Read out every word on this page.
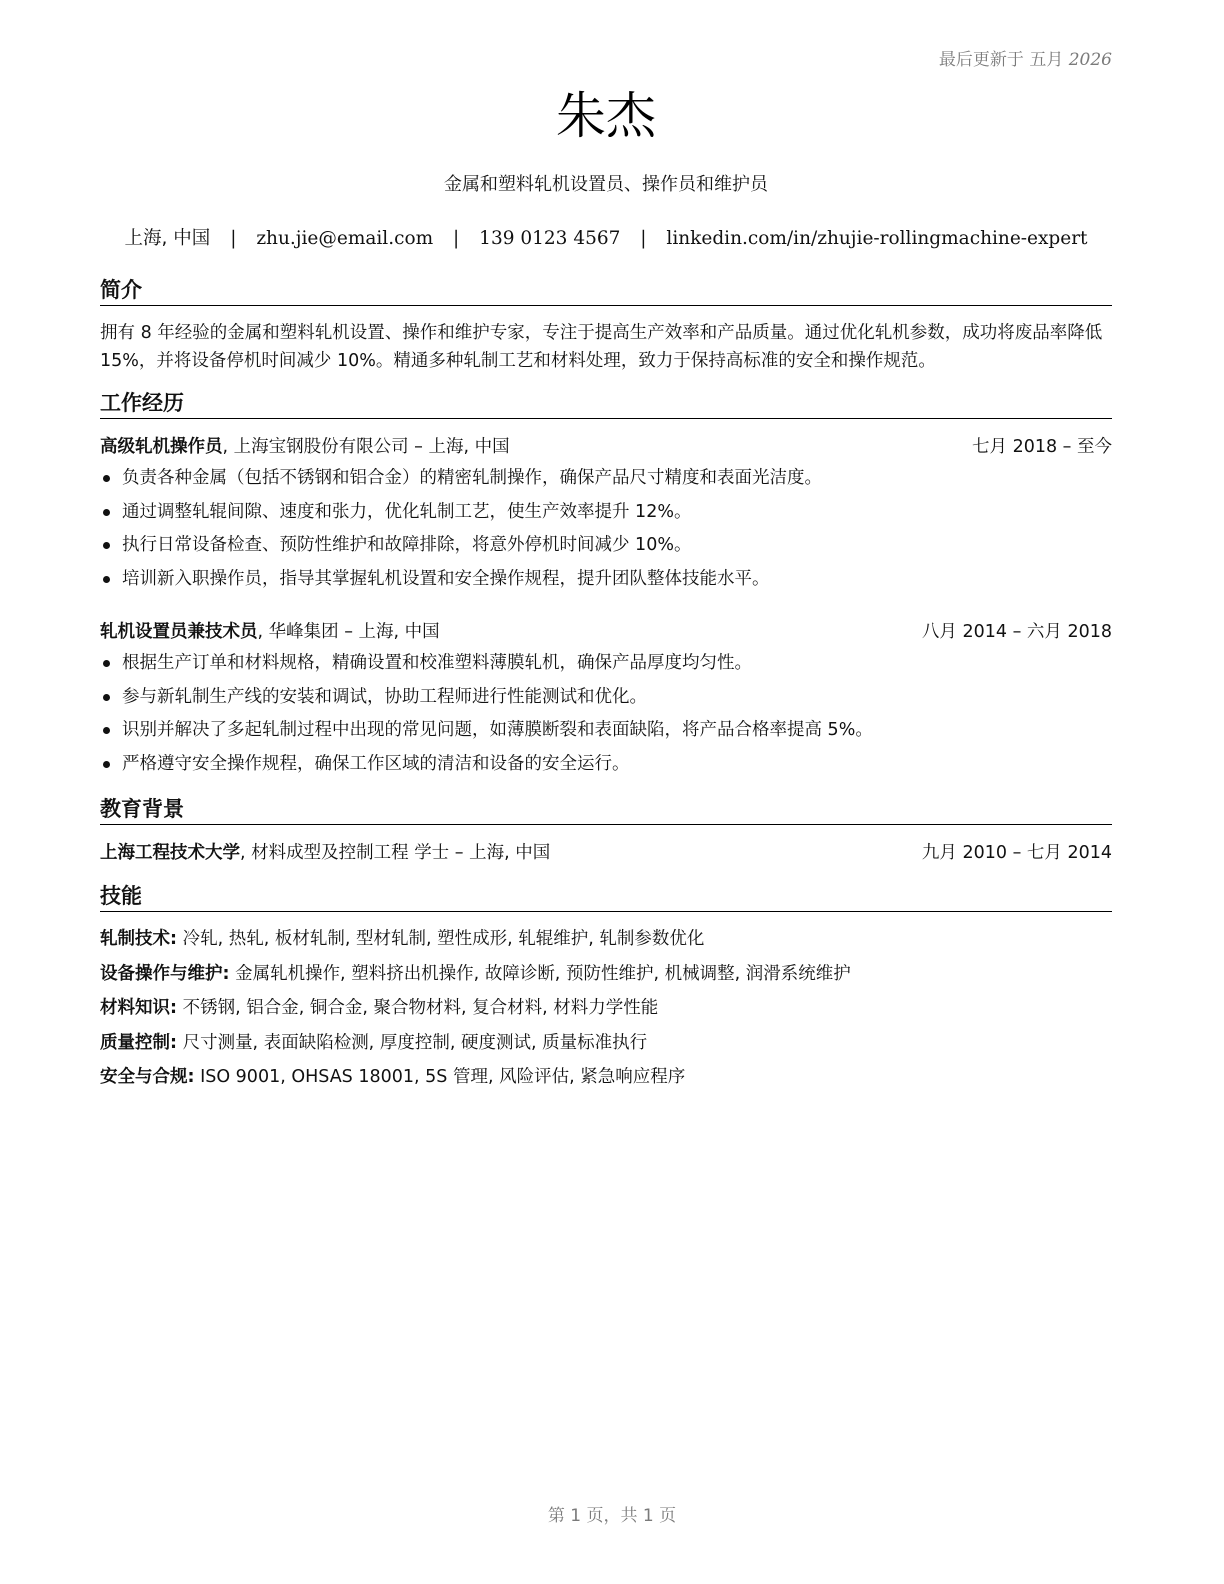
最后更新于 五月 2026
朱杰
金属和塑料轧机设置员、操作员和维护员
上海, 中国 | zhu.jie@email.com | 139 0123 4567 | linkedin.com/in/zhujie-rollingmachine-expert
简介
拥有 8 年经验的金属和塑料轧机设置、操作和维护专家，专注于提高生产效率和产品质量。通过优化轧机参数，成功将废品率降低 15%，并将设备停机时间减少 10%。精通多种轧制工艺和材料处理，致力于保持高标准的安全和操作规范。
工作经历
高级轧机操作员, 上海宝钢股份有限公司 – 上海, 中国	七月 2018 – 至今
负责各种金属（包括不锈钢和铝合金）的精密轧制操作，确保产品尺寸精度和表面光洁度。
通过调整轧辊间隙、速度和张力，优化轧制工艺，使生产效率提升 12%。
执行日常设备检查、预防性维护和故障排除，将意外停机时间减少 10%。
培训新入职操作员，指导其掌握轧机设置和安全操作规程，提升团队整体技能水平。
轧机设置员兼技术员, 华峰集团 – 上海, 中国	八月 2014 – 六月 2018
根据生产订单和材料规格，精确设置和校准塑料薄膜轧机，确保产品厚度均匀性。
参与新轧制生产线的安装和调试，协助工程师进行性能测试和优化。
识别并解决了多起轧制过程中出现的常见问题，如薄膜断裂和表面缺陷，将产品合格率提高 5%。
严格遵守安全操作规程，确保工作区域的清洁和设备的安全运行。
教育背景
上海工程技术大学, 材料成型及控制工程 学士 – 上海, 中国	九月 2010 – 七月 2014
技能
轧制技术: 冷轧, 热轧, 板材轧制, 型材轧制, 塑性成形, 轧辊维护, 轧制参数优化
设备操作与维护: 金属轧机操作, 塑料挤出机操作, 故障诊断, 预防性维护, 机械调整, 润滑系统维护
材料知识: 不锈钢, 铝合金, 铜合金, 聚合物材料, 复合材料, 材料力学性能
质量控制: 尺寸测量, 表面缺陷检测, 厚度控制, 硬度测试, 质量标准执行
安全与合规: ISO 9001, OHSAS 18001, 5S 管理, 风险评估, 紧急响应程序
第 1 页，共 1 页
